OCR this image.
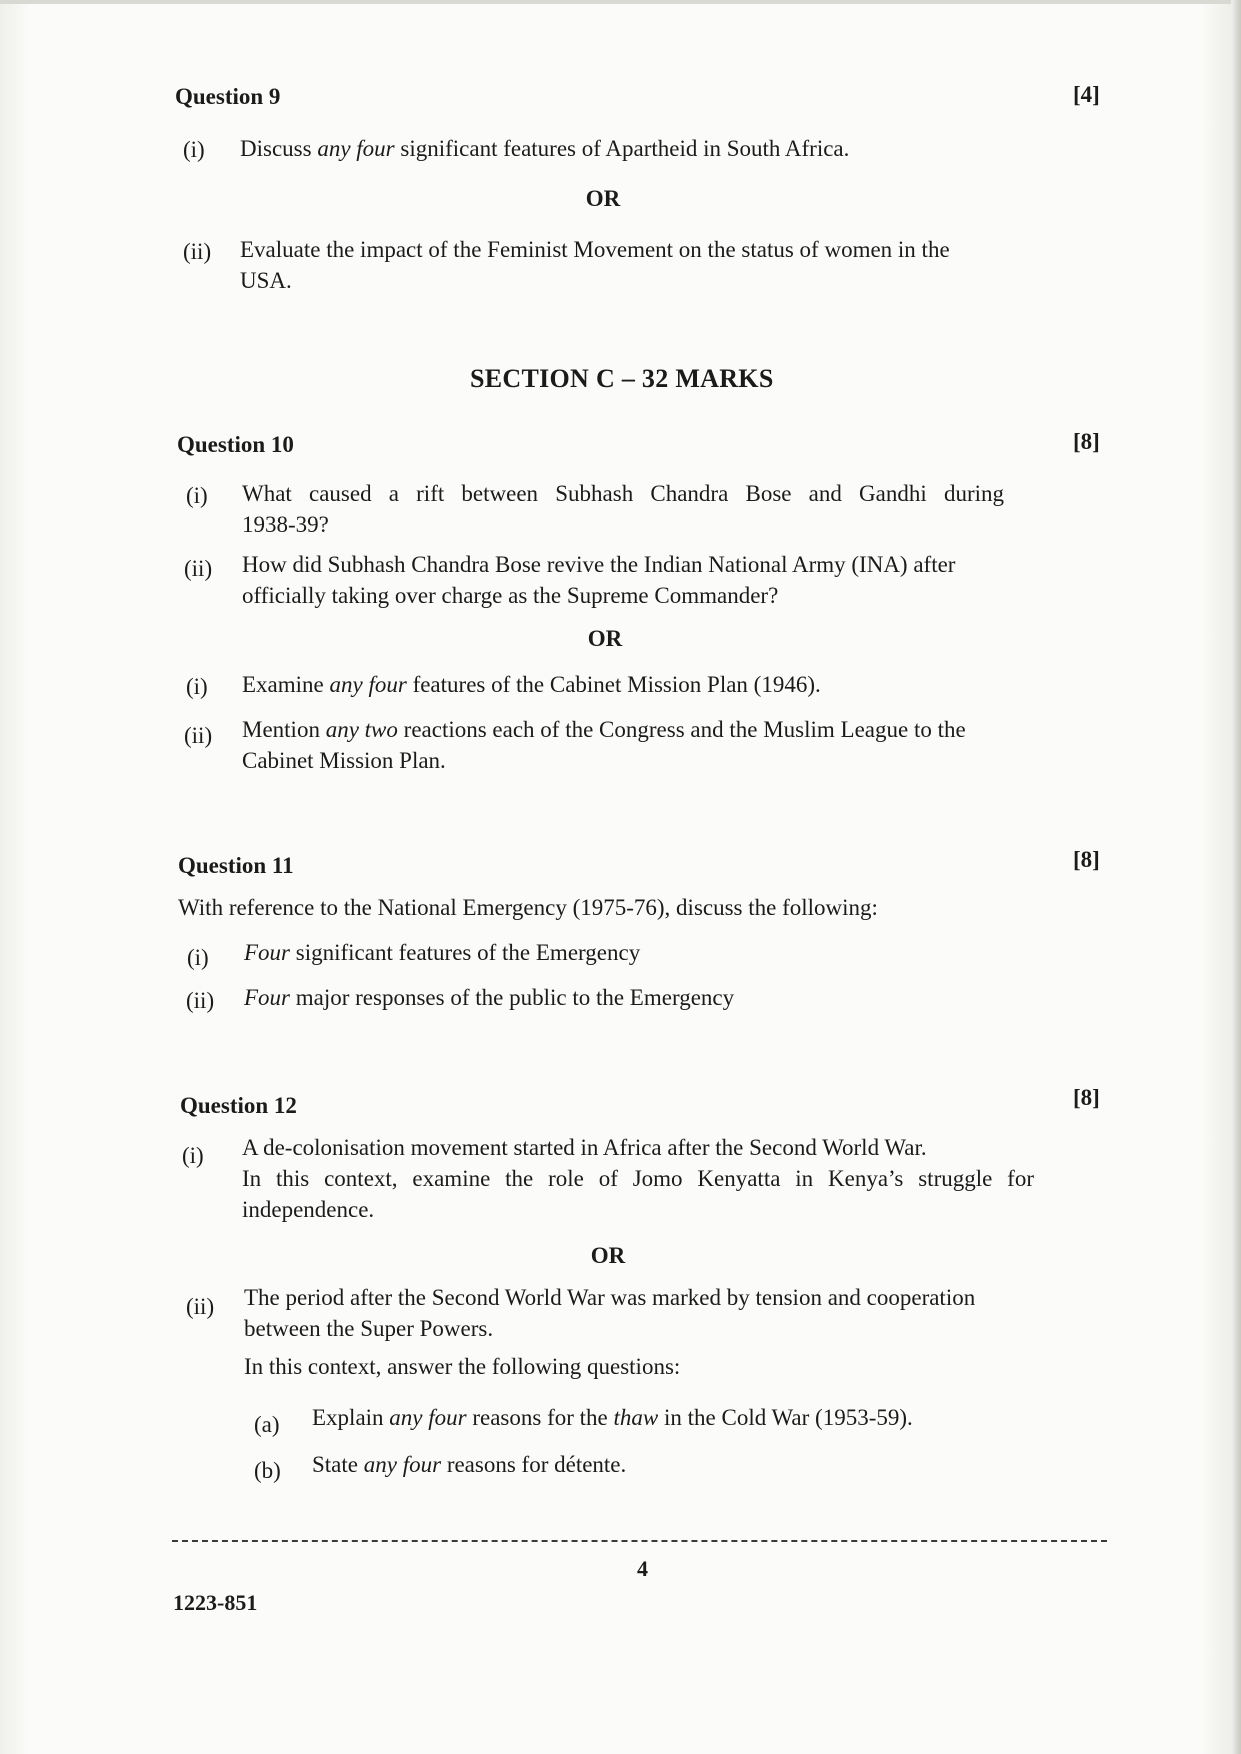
Question 9	[4]
(i) Discuss any four significant features of Apartheid in South Africa.
OR
(ii) Evaluate the impact of the Feminist Movement on the status of women in the
USA.
SECTION C – 32 MARKS
Question 10	[8]
(i) What caused a rift between Subhash Chandra Bose and Gandhi during
1938-39?
(ii) How did Subhash Chandra Bose revive the Indian National Army (INA) after
officially taking over charge as the Supreme Commander?
OR
(i) Examine any four features of the Cabinet Mission Plan (1946).
(ii) Mention any two reactions each of the Congress and the Muslim League to the
Cabinet Mission Plan.
Question 11	[8]
With reference to the National Emergency (1975-76), discuss the following:
(i) Four significant features of the Emergency
(ii) Four major responses of the public to the Emergency
Question 12	[8]
(i) A de-colonisation movement started in Africa after the Second World War.
In this context, examine the role of Jomo Kenyatta in Kenya’s struggle for
independence.
OR
(ii) The period after the Second World War was marked by tension and cooperation
between the Super Powers.
In this context, answer the following questions:
(a) Explain any four reasons for the thaw in the Cold War (1953-59).
(b) State any four reasons for détente.
4
1223-851
